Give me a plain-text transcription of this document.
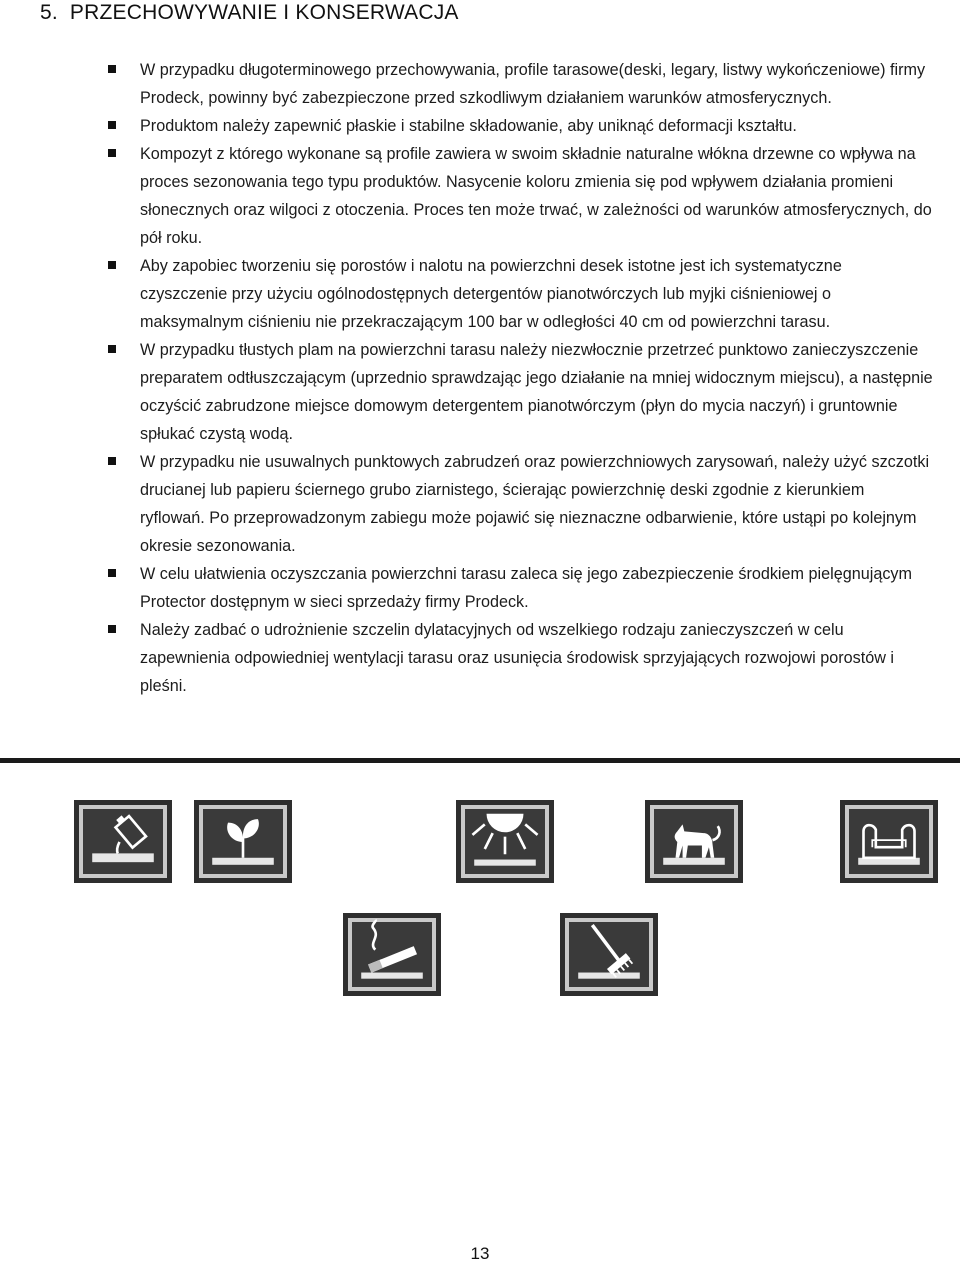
5. PRZECHOWYWANIE I KONSERWACJA
W przypadku długoterminowego przechowywania, profile tarasowe(deski, legary, listwy wykończeniowe) firmy Prodeck, powinny być zabezpieczone przed szkodliwym działaniem warunków atmosferycznych.
Produktom należy zapewnić płaskie i stabilne składowanie, aby uniknąć deformacji kształtu.
Kompozyt z którego wykonane są profile zawiera w swoim składnie naturalne włókna drzewne co wpływa na proces sezonowania tego typu produktów. Nasycenie koloru zmienia się pod wpływem działania promieni słonecznych oraz wilgoci z otoczenia. Proces ten może trwać, w zależności od warunków atmosferycznych, do pół roku.
Aby zapobiec tworzeniu się porostów i nalotu na powierzchni desek istotne jest ich systematyczne czyszczenie przy użyciu ogólnodostępnych detergentów pianotwórczych lub myjki ciśnieniowej o maksymalnym ciśnieniu nie przekraczającym 100 bar w odległości 40 cm od powierzchni tarasu.
W przypadku tłustych plam na powierzchni tarasu należy niezwłocznie przetrzeć punktowo zanieczyszczenie preparatem odtłuszczającym (uprzednio sprawdzając jego działanie na mniej widocznym miejscu), a następnie oczyścić zabrudzone miejsce domowym detergentem pianotwórczym (płyn do mycia naczyń) i gruntownie spłukać czystą wodą.
W przypadku nie usuwalnych punktowych zabrudzeń oraz powierzchniowych zarysowań, należy użyć szczotki drucianej lub papieru ściernego grubo ziarnistego, ścierając powierzchnię deski zgodnie z kierunkiem ryflowań. Po przeprowadzonym zabiegu może pojawić się nieznaczne odbarwienie, które ustąpi po kolejnym okresie sezonowania.
W celu ułatwienia oczyszczania powierzchni tarasu zaleca się jego zabezpieczenie środkiem pielęgnującym Protector dostępnym w sieci sprzedaży firmy Prodeck.
Należy zadbać o udrożnienie szczelin dylatacyjnych od wszelkiego rodzaju zanieczyszczeń w celu zapewnienia odpowiedniej wentylacji tarasu oraz usunięcia środowisk sprzyjających rozwojowi porostów i pleśni.
13
